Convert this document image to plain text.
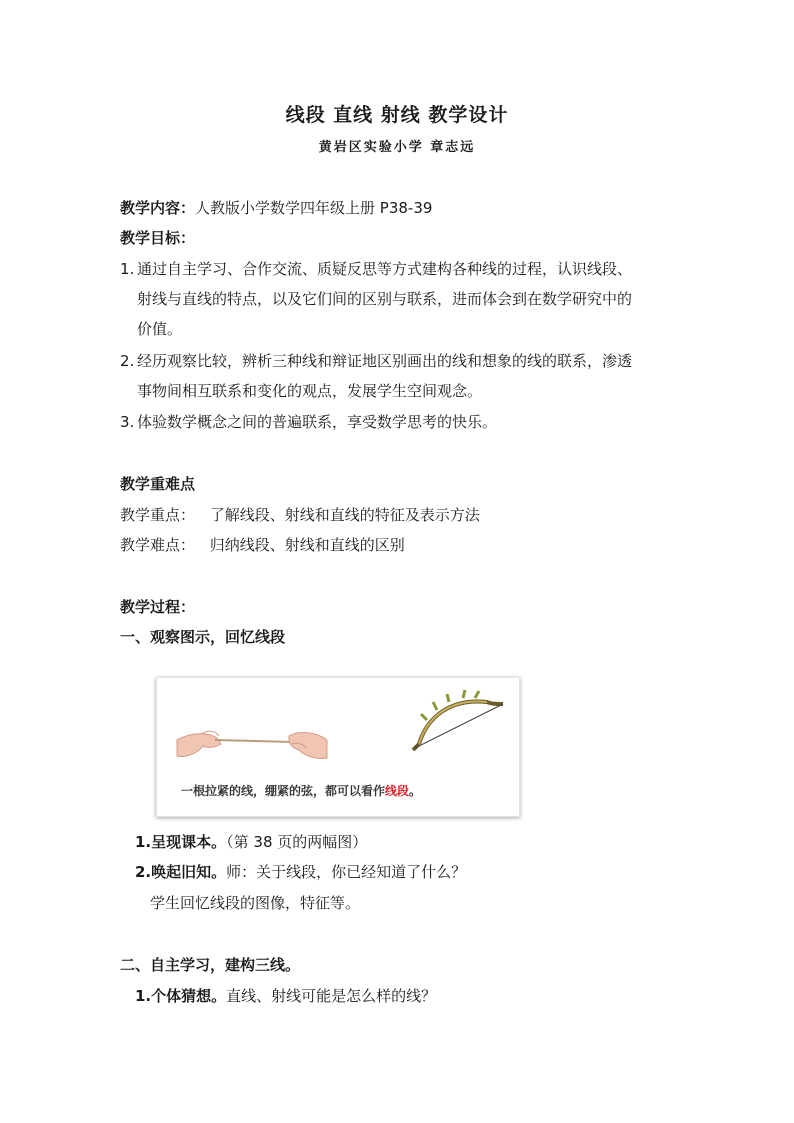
线段 直线 射线 教学设计
黄岩区实验小学 章志远
教学内容：人教版小学数学四年级上册 P38-39
教学目标：
1. 通过自主学习、合作交流、质疑反思等方式建构各种线的过程，认识线段、
射线与直线的特点，以及它们间的区别与联系，进而体会到在数学研究中的
价值。
2. 经历观察比较，辨析三种线和辩证地区别画出的线和想象的线的联系，渗透
事物间相互联系和变化的观点，发展学生空间观念。
3. 体验数学概念之间的普遍联系，享受数学思考的快乐。
教学重难点
教学重点： 了解线段、射线和直线的特征及表示方法
教学难点： 归纳线段、射线和直线的区别
教学过程：
一、观察图示，回忆线段
一根拉紧的线，绷紧的弦，都可以看作线段。
1.呈现课本。（第 38 页的两幅图）
2.唤起旧知。师：关于线段，你已经知道了什么？
学生回忆线段的图像，特征等。
二、自主学习，建构三线。
1.个体猜想。直线、射线可能是怎么样的线？
